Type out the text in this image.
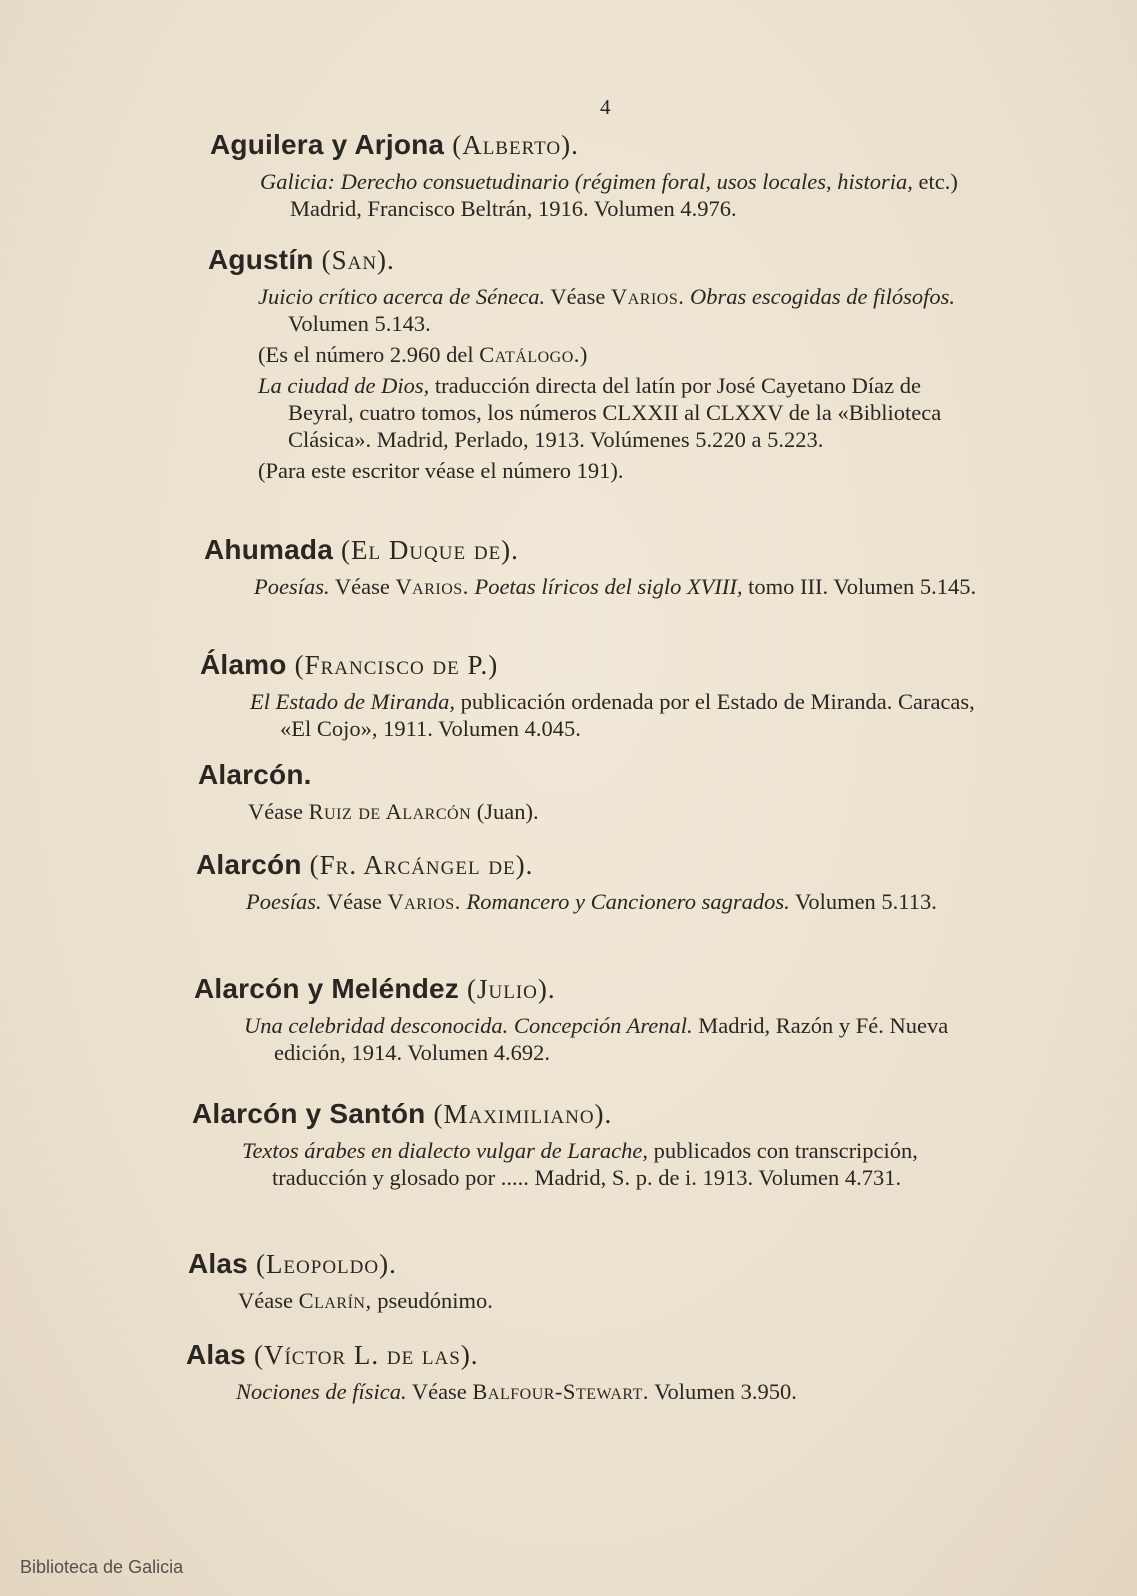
4
Aguilera y Arjona (Alberto).
Galicia: Derecho consuetudinario (régimen foral, usos locales, historia, etc.) Madrid, Francisco Beltrán, 1916. Volumen 4.976.
Agustín (San).
Juicio crítico acerca de Séneca. Véase Varios. Obras escogidas de filósofos. Volumen 5.143.
(Es el número 2.960 del Catálogo.)
La ciudad de Dios, traducción directa del latín por José Cayetano Díaz de Beyral, cuatro tomos, los números CLXXII al CLXXV de la «Biblioteca Clásica». Madrid, Perlado, 1913. Volúmenes 5.220 a 5.223.
(Para este escritor véase el número 191).
Ahumada (El Duque de).
Poesías. Véase Varios. Poetas líricos del siglo XVIII, tomo III. Volumen 5.145.
Álamo (Francisco de P.)
El Estado de Miranda, publicación ordenada por el Estado de Miranda. Caracas, «El Cojo», 1911. Volumen 4.045.
Alarcón.
Véase Ruiz de Alarcón (Juan).
Alarcón (Fr. Arcángel de).
Poesías. Véase Varios. Romancero y Cancionero sagrados. Volumen 5.113.
Alarcón y Meléndez (Julio).
Una celebridad desconocida. Concepción Arenal. Madrid, Razón y Fé. Nueva edición, 1914. Volumen 4.692.
Alarcón y Santón (Maximiliano).
Textos árabes en dialecto vulgar de Larache, publicados con transcripción, traducción y glosado por ..... Madrid, S. p. de i. 1913. Volumen 4.731.
Alas (Leopoldo).
Véase Clarín, pseudónimo.
Alas (Víctor L. de las).
Nociones de física. Véase Balfour-Stewart. Volumen 3.950.
Biblioteca de Galicia
